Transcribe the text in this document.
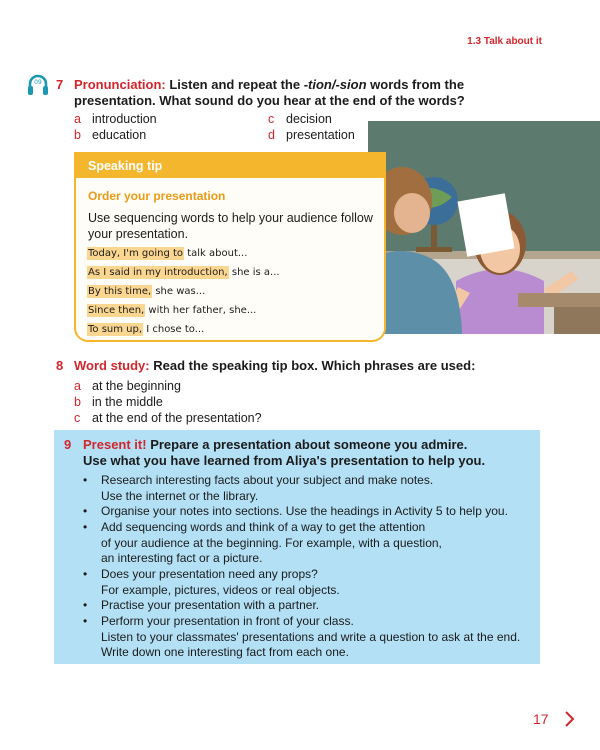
1.3 Talk about it
09 7 Pronunciation: Listen and repeat the -tion/-sion words from the
presentation. What sound do you hear at the end of the words?
a introduction
b education
c decision
d presentation
Speaking tip
Order your presentation
Use sequencing words to help your audience follow your presentation.
Today, I'm going to talk about...
As I said in my introduction, she is a...
By this time, she was...
Since then, with her father, she...
To sum up, I chose to...
8 Word study: Read the speaking tip box. Which phrases are used:
a at the beginning
b in the middle
c at the end of the presentation?
9 Present it! Prepare a presentation about someone you admire.
Use what you have learned from Aliya's presentation to help you.
• Research interesting facts about your subject and make notes.
Use the internet or the library.
• Organise your notes into sections. Use the headings in Activity 5 to help you.
• Add sequencing words and think of a way to get the attention
of your audience at the beginning. For example, with a question,
an interesting fact or a picture.
• Does your presentation need any props?
For example, pictures, videos or real objects.
• Practise your presentation with a partner.
• Perform your presentation in front of your class.
Listen to your classmates' presentations and write a question to ask at the end.
Write down one interesting fact from each one.
17
